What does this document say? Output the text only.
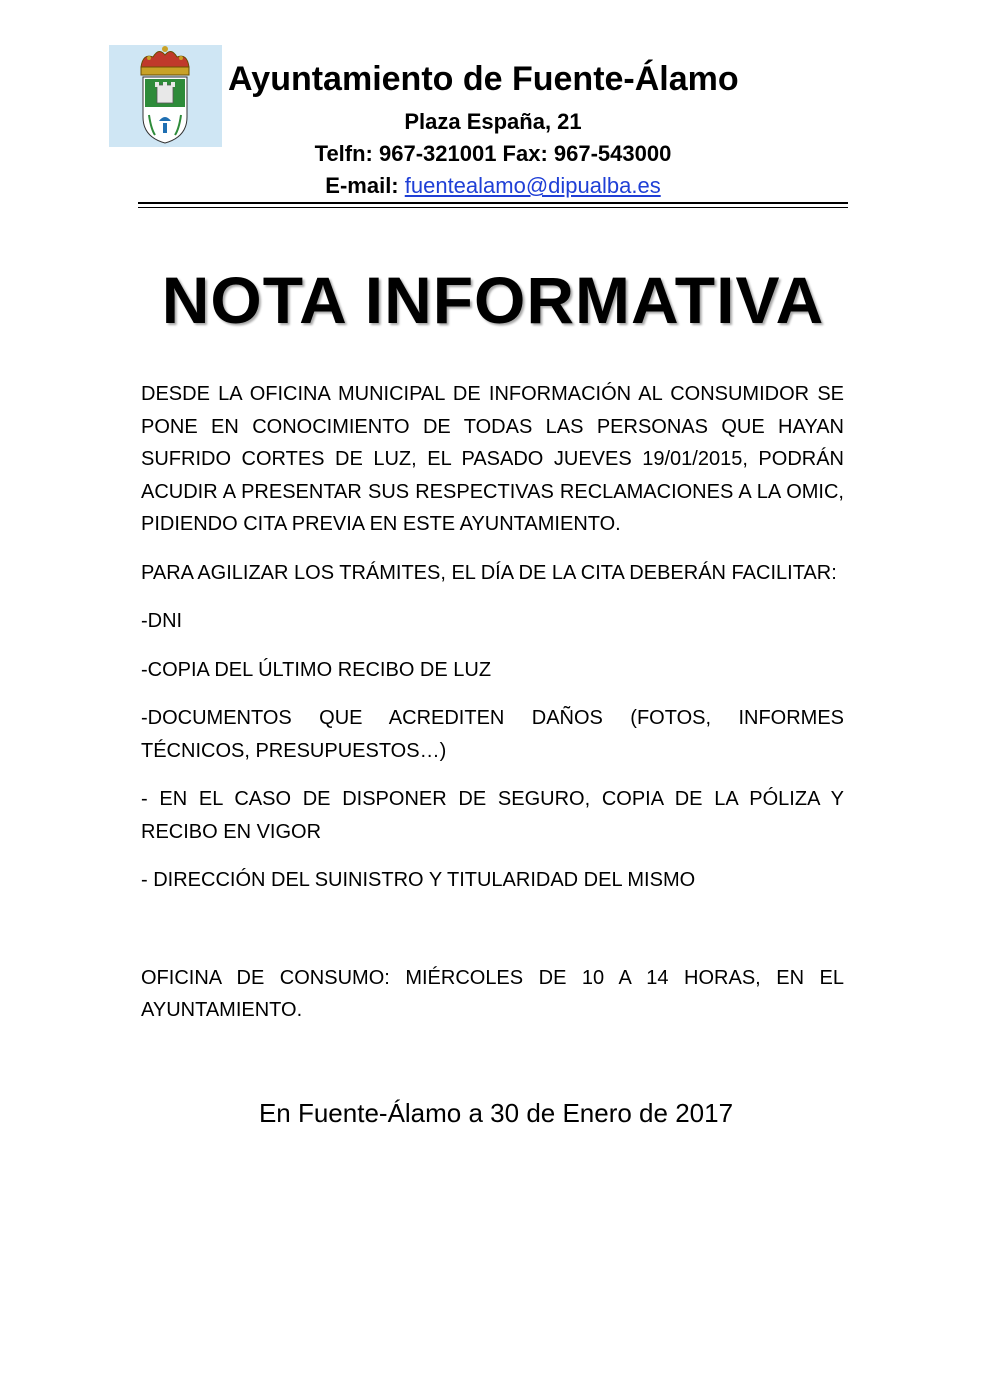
Ayuntamiento de Fuente-Álamo
Plaza España, 21
Telfn: 967-321001 Fax: 967-543000
E-mail: fuentealamo@dipualba.es
NOTA INFORMATIVA

DESDE LA OFICINA MUNICIPAL DE INFORMACIÓN AL CONSUMIDOR SE PONE EN CONOCIMIENTO DE TODAS LAS PERSONAS QUE HAYAN SUFRIDO CORTES DE LUZ, EL PASADO JUEVES 19/01/2015, PODRÁN ACUDIR A PRESENTAR SUS RESPECTIVAS RECLAMACIONES A LA OMIC, PIDIENDO CITA PREVIA EN ESTE AYUNTAMIENTO.

PARA AGILIZAR LOS TRÁMITES, EL DÍA DE LA CITA DEBERÁN FACILITAR:

-DNI

-COPIA DEL ÚLTIMO RECIBO DE LUZ

-DOCUMENTOS QUE ACREDITEN DAÑOS (FOTOS, INFORMES TÉCNICOS, PRESUPUESTOS…)

- EN EL CASO DE DISPONER DE SEGURO, COPIA DE LA PÓLIZA Y RECIBO EN VIGOR

- DIRECCIÓN DEL SUINISTRO Y TITULARIDAD DEL MISMO

OFICINA DE CONSUMO: MIÉRCOLES DE 10 A 14 HORAS, EN EL AYUNTAMIENTO.

En Fuente-Álamo a 30 de Enero de 2017
